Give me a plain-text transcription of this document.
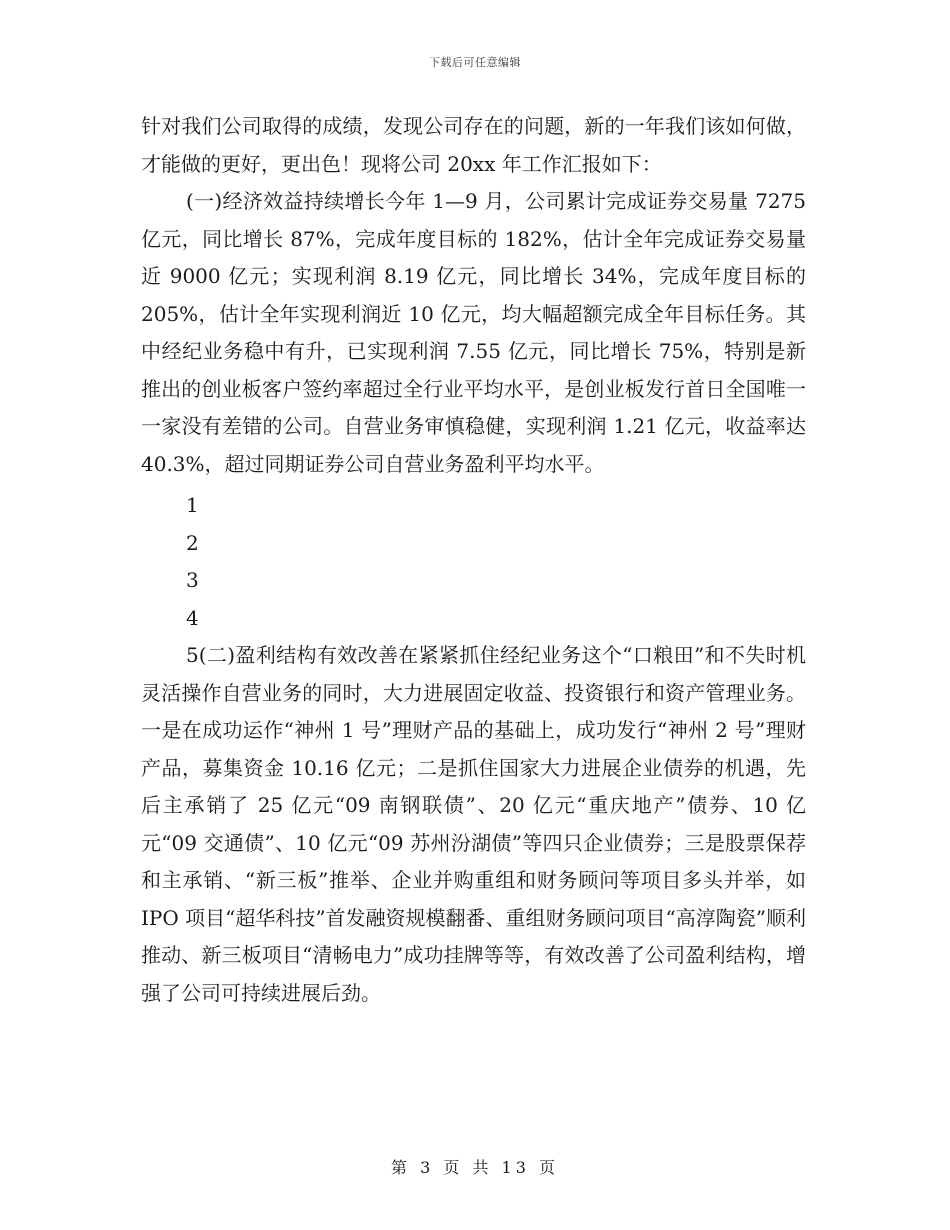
下载后可任意编辑

针对我们公司取得的成绩，发现公司存在的问题，新的一年我们该如何做，才能做的更好，更出色！现将公司 20xx 年工作汇报如下：

(一)经济效益持续增长今年 1—9 月，公司累计完成证券交易量 7275 亿元，同比增长 87%，完成年度目标的 182%，估计全年完成证券交易量近 9000 亿元；实现利润 8.19 亿元，同比增长 34%，完成年度目标的 205%，估计全年实现利润近 10 亿元，均大幅超额完成全年目标任务。其中经纪业务稳中有升，已实现利润 7.55 亿元，同比增长 75%，特别是新推出的创业板客户签约率超过全行业平均水平，是创业板发行首日全国唯一一家没有差错的公司。自营业务审慎稳健，实现利润 1.21 亿元，收益率达 40.3%，超过同期证券公司自营业务盈利平均水平。

1
2
3
4

5(二)盈利结构有效改善在紧紧抓住经纪业务这个“口粮田”和不失时机灵活操作自营业务的同时，大力进展固定收益、投资银行和资产管理业务。一是在成功运作“神州 1 号”理财产品的基础上，成功发行“神州 2 号”理财产品，募集资金 10.16 亿元；二是抓住国家大力进展企业债券的机遇，先后主承销了 25 亿元“09 南钢联债”、20 亿元“重庆地产”债券、10 亿元“09 交通债”、10 亿元“09 苏州汾湖债”等四只企业债券；三是股票保荐和主承销、“新三板”推举、企业并购重组和财务顾问等项目多头并举，如 IPO 项目“超华科技”首发融资规模翻番、重组财务顾问项目“高淳陶瓷”顺利推动、新三板项目“清畅电力”成功挂牌等等，有效改善了公司盈利结构，增强了公司可持续进展后劲。

第 3 页 共 13 页
